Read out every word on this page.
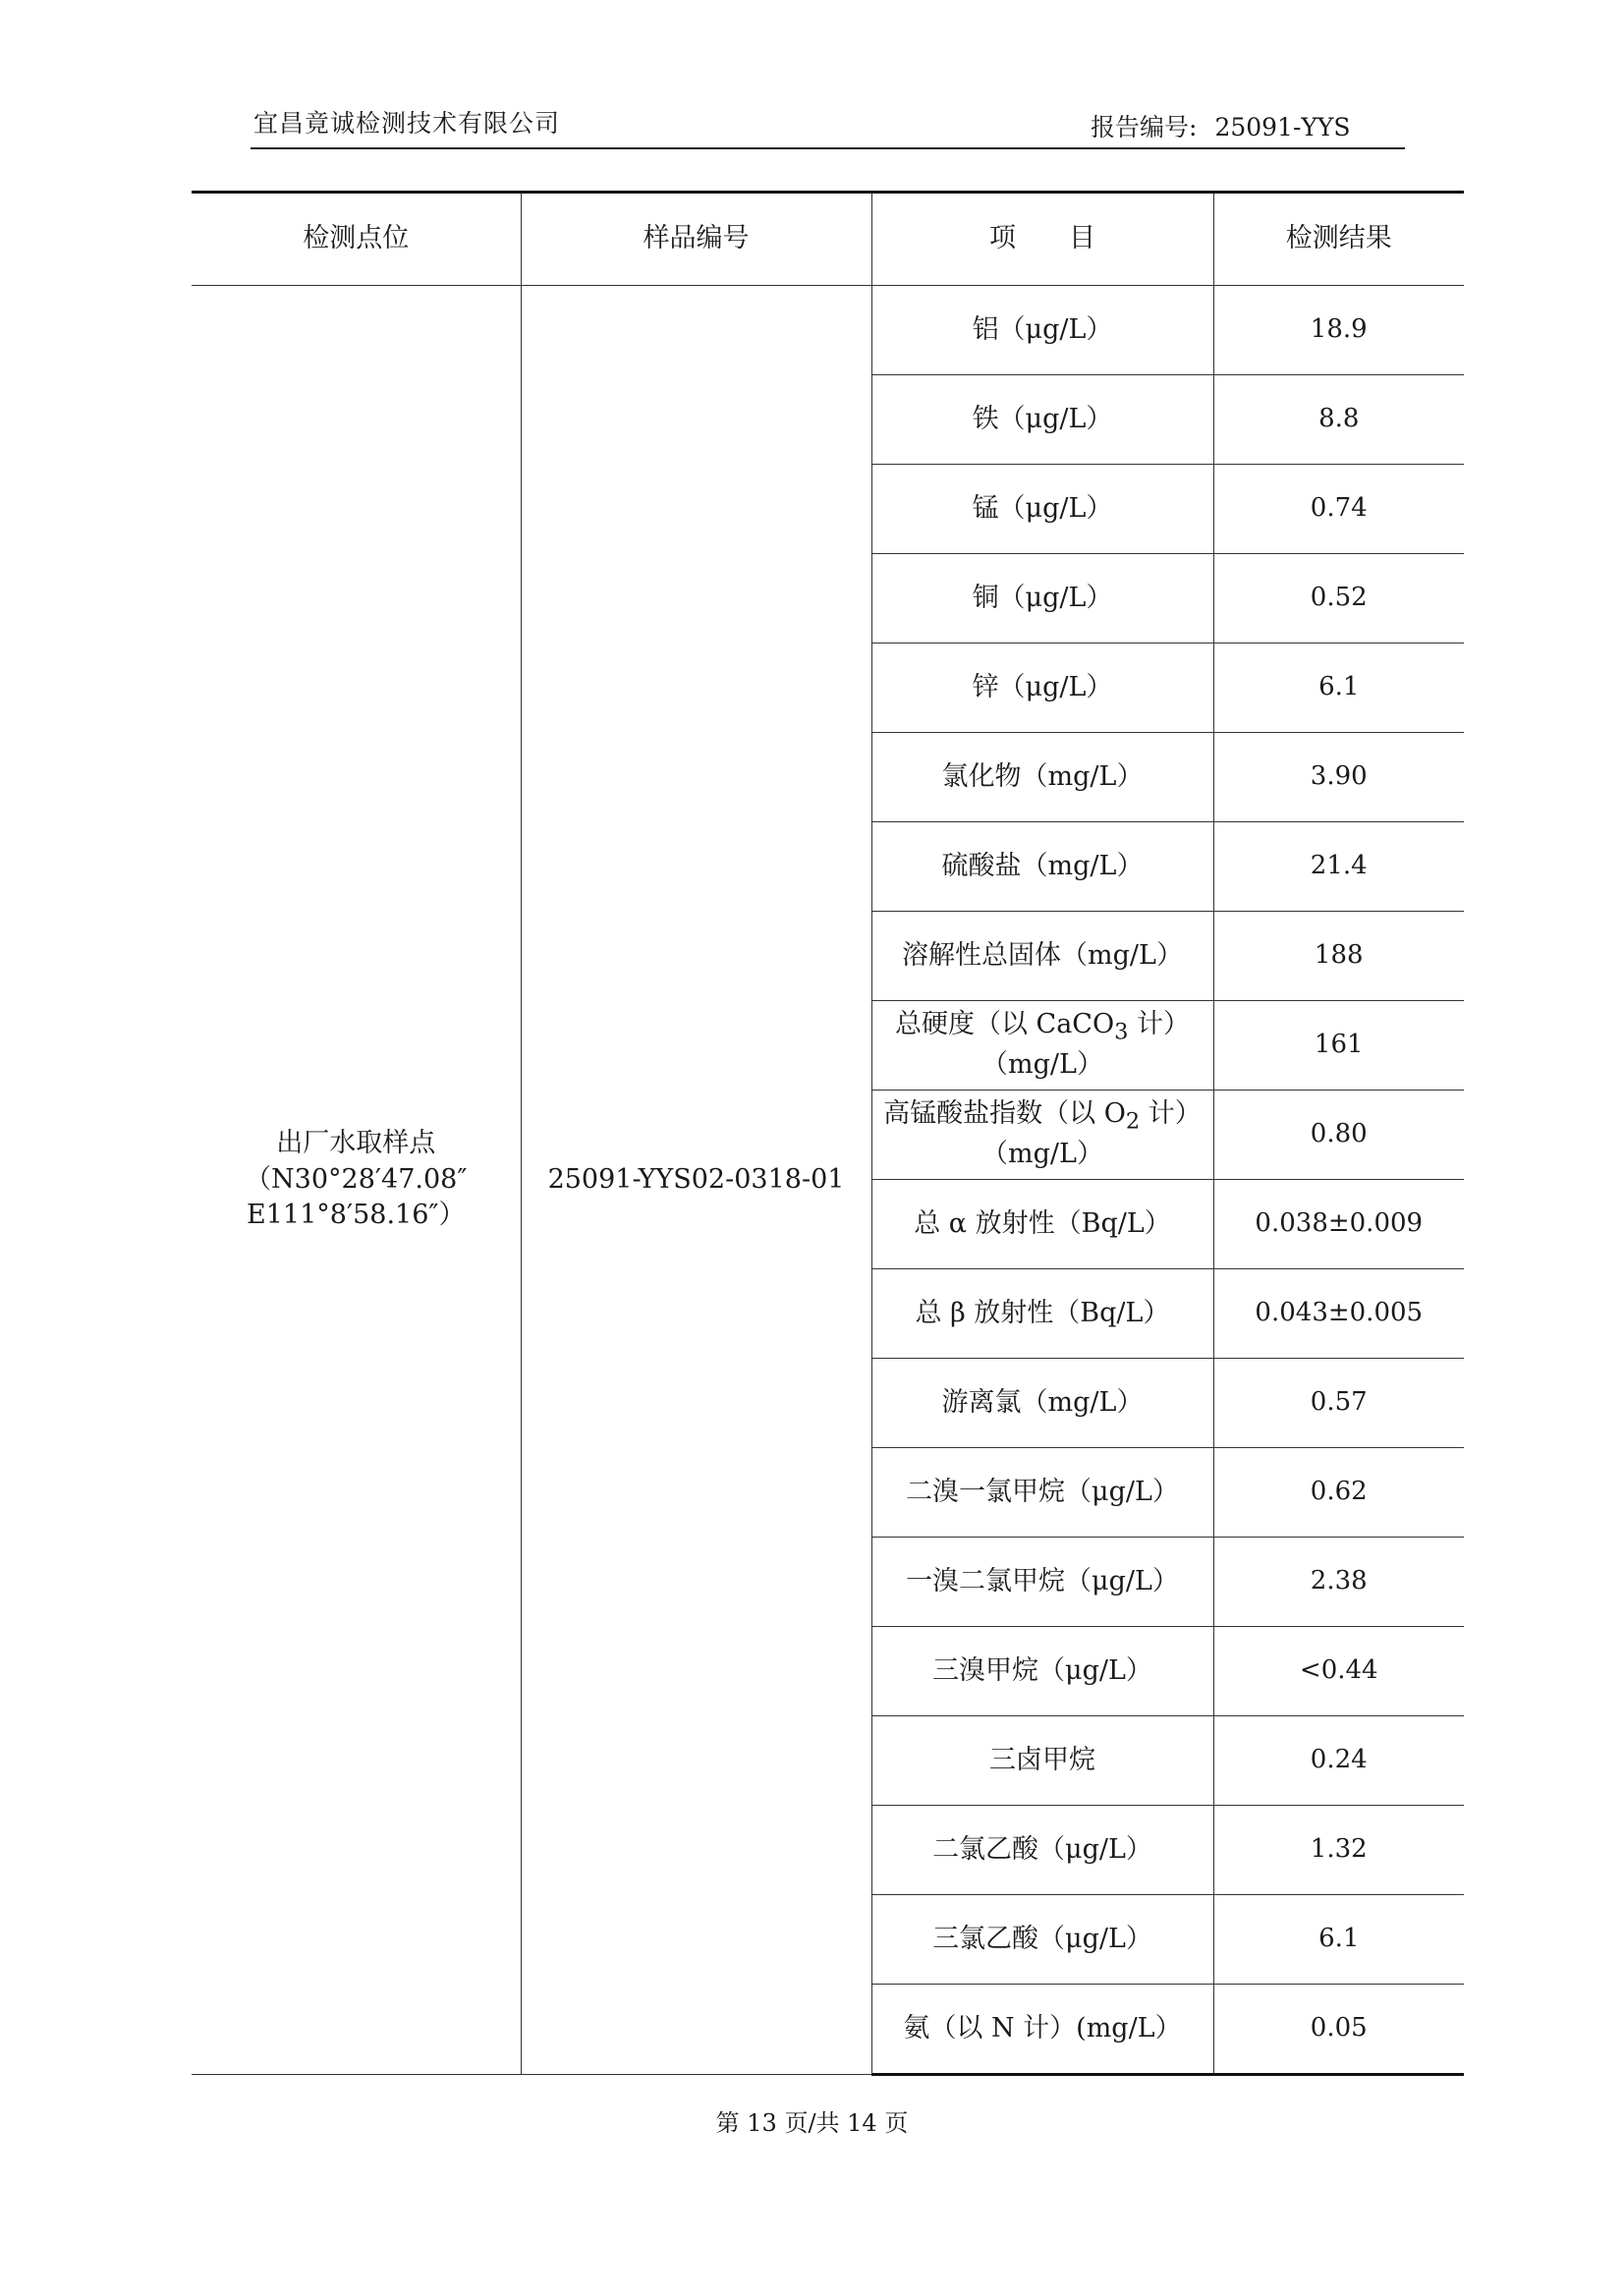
宜昌竟诚检测技术有限公司	报告编号: 25091-YYS
检测点位	样品编号	项　　目	检测结果

出厂水取样点
（N30°28′47.08″
E111°8′58.16″）	25091-YYS02-0318-01	铝（μg/L）	18.9
		铁（μg/L）	8.8
		锰（μg/L）	0.74
		铜（μg/L）	0.52
		锌（μg/L）	6.1
		氯化物（mg/L）	3.90
		硫酸盐（mg/L）	21.4
		溶解性总固体（mg/L）	188

		总硬度（以 CaCO$_3$ 计）
（mg/L）	161

		高锰酸盐指数（以 $O_2$ 计）
（mg/L）	0.80
		总 α 放射性（Bq/L）	0.038±0.009
		总 β 放射性（Bq/L）	0.043±0.005
		游离氯（mg/L）	0.57
		二溴一氯甲烷（μg/L）	0.62
		一溴二氯甲烷（μg/L）	2.38
		三溴甲烷（μg/L）	<0.44
		三卤甲烷	0.24
		二氯乙酸（μg/L）	1.32
		三氯乙酸（μg/L）	6.1
		氨（以 N 计）(mg/L）	0.05
第 13 页/共 14 页
